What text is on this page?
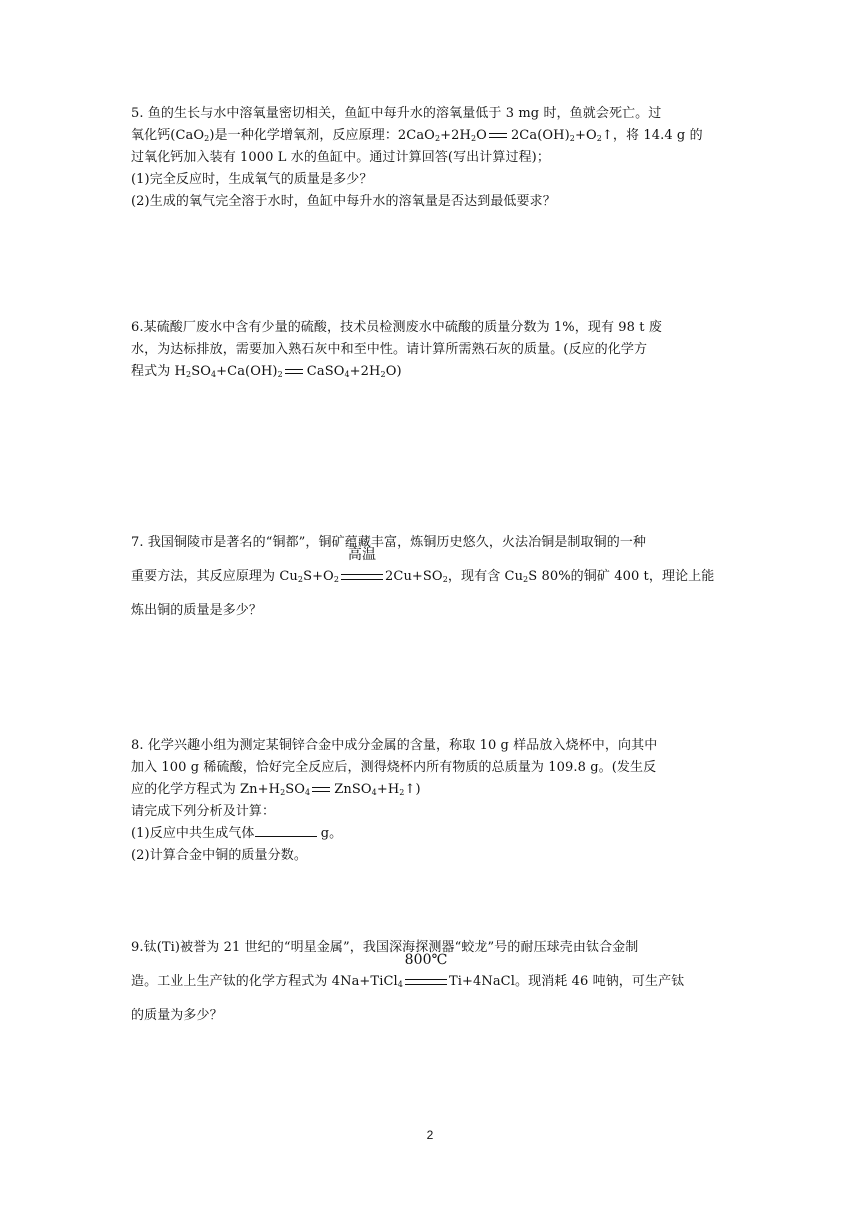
5. 鱼的生长与水中溶氧量密切相关，鱼缸中每升水的溶氧量低于 3 mg 时，鱼就会死亡。过
氧化钙(CaO$_2$)是一种化学增氧剂，反应原理：$2CaO_2+2H_2O$ $2Ca(OH)_2+O_2↑$，将 14.4 g 的
过氧化钙加入装有 1000 L 水的鱼缸中。通过计算回答(写出计算过程)；
(1)完全反应时，生成氧气的质量是多少？
(2)生成的氧气完全溶于水时，鱼缸中每升水的溶氧量是否达到最低要求？
6.某硫酸厂废水中含有少量的硫酸，技术员检测废水中硫酸的质量分数为 1%，现有 98 t 废
水，为达标排放，需要加入熟石灰中和至中性。请计算所需熟石灰的质量。(反应的化学方
程式为 $H_2SO_4+Ca(OH)_2$ $CaSO_4+2H_2O$)
7. 我国铜陵市是著名的“铜都”，铜矿蕴藏丰富，炼铜历史悠久，火法冶铜是制取铜的一种
重要方法，其反应原理为 $Cu_2S+O_2$
高温
$2Cu+SO_2$，现有含 $Cu_2S$ 80%的铜矿 400 t，理论上能
炼出铜的质量是多少？
8. 化学兴趣小组为测定某铜锌合金中成分金属的含量，称取 10 g 样品放入烧杯中，向其中
加入 100 g 稀硫酸，恰好完全反应后，测得烧杯内所有物质的总质量为 109.8 g。(发生反
应的化学方程式为 $Zn+H_2SO_4$ $ZnSO_4+H_2↑$)
请完成下列分析及计算：
(1)反应中共生成气体	g。
(2)计算合金中铜的质量分数。
9.钛(Ti)被誉为 21 世纪的“明星金属”，我国深海探测器“蛟龙”号的耐压球壳由钛合金制
造。工业上生产钛的化学方程式为 4Na+TiCl$_4$
800℃
Ti+4NaCl。现消耗 46 吨钠，可生产钛
的质量为多少？
2
